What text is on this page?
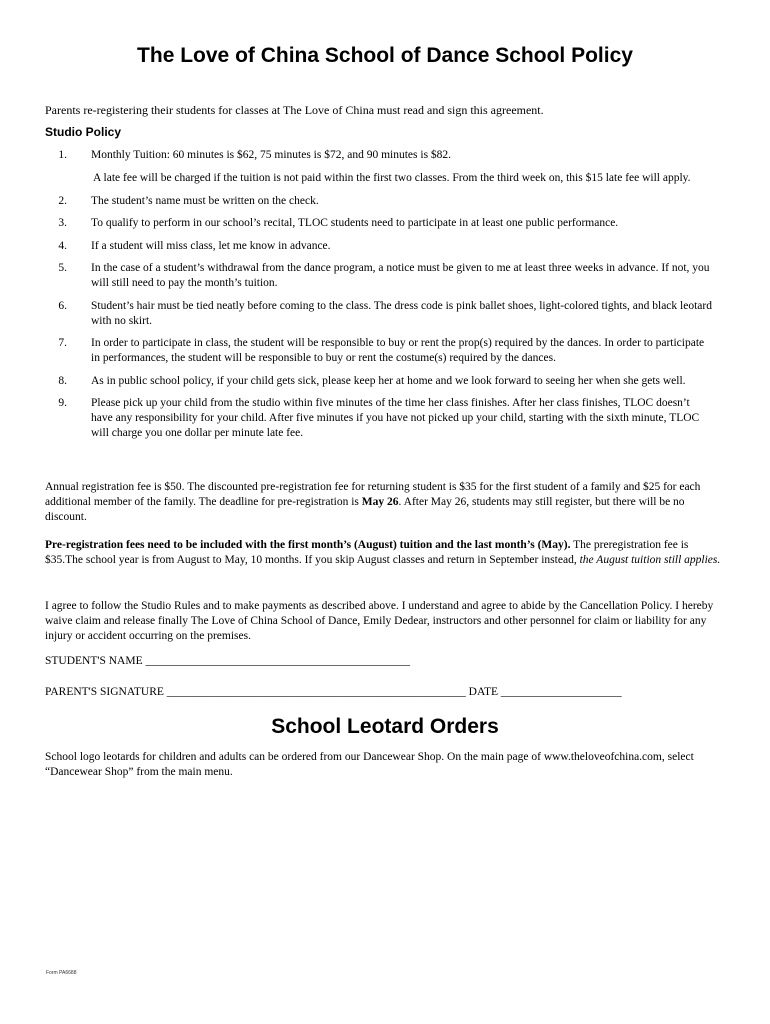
The Love of China School of Dance School Policy

Parents re-registering their students for classes at The Love of China must read and sign this agreement.

Studio Policy

1. Monthly Tuition: 60 minutes is $62, 75 minutes is $72, and 90 minutes is $82.
A late fee will be charged if the tuition is not paid within the first two classes. From the third week on, this $15 late fee will apply.
2. The student’s name must be written on the check.
3. To qualify to perform in our school’s recital, TLOC students need to participate in at least one public performance.
4. If a student will miss class, let me know in advance.
5. In the case of a student’s withdrawal from the dance program, a notice must be given to me at least three weeks in advance. If not, you will still need to pay the month’s tuition.
6. Student’s hair must be tied neatly before coming to the class. The dress code is pink ballet shoes, light-colored tights, and black leotard with no skirt.
7. In order to participate in class, the student will be responsible to buy or rent the prop(s) required by the dances. In order to participate in performances, the student will be responsible to buy or rent the costume(s) required by the dances.
8. As in public school policy, if your child gets sick, please keep her at home and we look forward to seeing her when she gets well.
9. Please pick up your child from the studio within five minutes of the time her class finishes. After her class finishes, TLOC doesn’t have any responsibility for your child. After five minutes if you have not picked up your child, starting with the sixth minute, TLOC will charge you one dollar per minute late fee.

Annual registration fee is $50. The discounted pre-registration fee for returning student is $35 for the first student of a family and $25 for each additional member of the family. The deadline for pre-registration is May 26. After May 26, students may still register, but there will be no discount.

Pre-registration fees need to be included with the first month’s (August) tuition and the last month’s (May). The preregistration fee is $35.The school year is from August to May, 10 months. If you skip August classes and return in September instead, the August tuition still applies.

I agree to follow the Studio Rules and to make payments as described above. I understand and agree to abide by the Cancellation Policy. I hereby waive claim and release finally The Love of China School of Dance, Emily Dedear, instructors and other personnel for claim or liability for any injury or accident occurring on the premises.

STUDENT'S NAME ______________________________________________

PARENT'S SIGNATURE ____________________________________________________ DATE _____________________

School Leotard Orders

School logo leotards for children and adults can be ordered from our Dancewear Shop. On the main page of www.theloveofchina.com, select “Dancewear Shop” from the main menu.

Form PA6688
